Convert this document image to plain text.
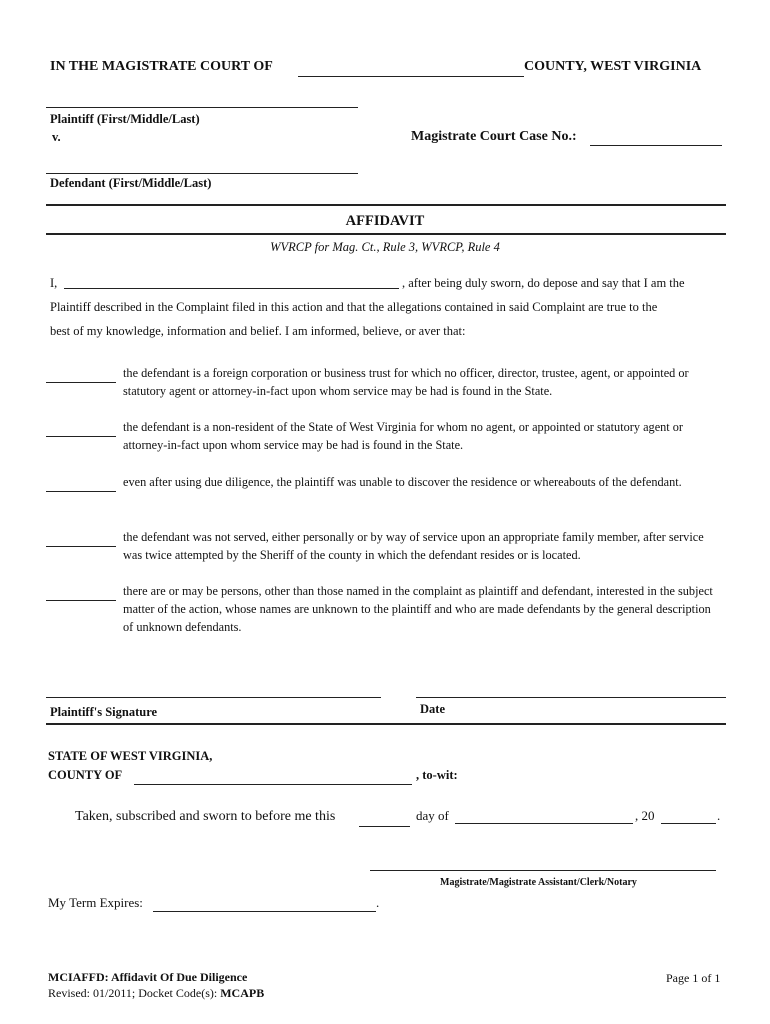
IN THE MAGISTRATE COURT OF	COUNTY, WEST VIRGINIA
Plaintiff (First/Middle/Last)
v.	Magistrate Court Case No.:
Defendant (First/Middle/Last)
AFFIDAVIT
WVRCP for Mag. Ct., Rule 3, WVRCP, Rule 4
I,	, after being duly sworn, do depose and say that I am the
Plaintiff described in the Complaint filed in this action and that the allegations contained in said Complaint are true to the
best of my knowledge, information and belief. I am informed, believe, or aver that:
the defendant is a foreign corporation or business trust for which no officer, director, trustee, agent, or appointed or statutory agent or attorney-in-fact upon whom service may be had is found in the State.
the defendant is a non-resident of the State of West Virginia for whom no agent, or appointed or statutory agent or attorney-in-fact upon whom service may be had is found in the State.
even after using due diligence, the plaintiff was unable to discover the residence or whereabouts of the defendant.
the defendant was not served, either personally or by way of service upon an appropriate family member, after service was twice attempted by the Sheriff of the county in which the defendant resides or is located.
there are or may be persons, other than those named in the complaint as plaintiff and defendant, interested in the subject matter of the action, whose names are unknown to the plaintiff and who are made defendants by the general description of unknown defendants.
Plaintiff's Signature	Date
STATE OF WEST VIRGINIA,
COUNTY OF	, to-wit:
Taken, subscribed and sworn to before me this	day of	, 20	.
Magistrate/Magistrate Assistant/Clerk/Notary
My Term Expires:	.
MCIAFFD: Affidavit Of Due Diligence
Revised: 01/2011; Docket Code(s): MCAPB
Page 1 of 1
